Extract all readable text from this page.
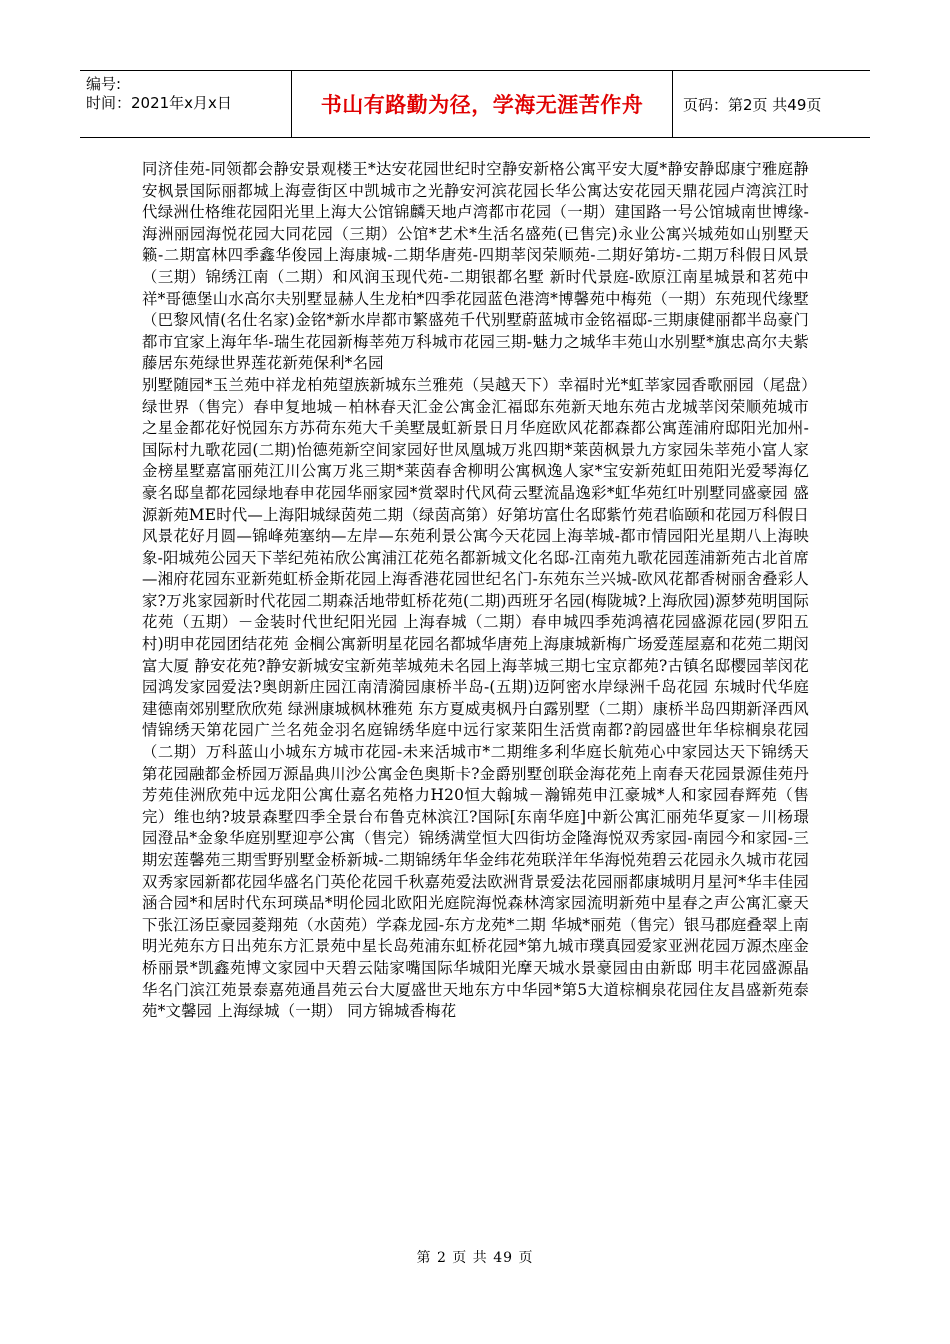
编号:
时间：2021年x月x日	书山有路勤为径，学海无涯苦作舟	页码：第2页 共49页

同济佳苑-同领都会静安景观楼王*达安花园世纪时空静安新格公寓平安大厦*静安静邸康宁雅庭静安枫景国际丽都城上海壹街区中凯城市之光静安河滨花园长华公寓达安花园天鼎花园卢湾滨江时代绿洲仕格维花园阳光里上海大公馆锦麟天地卢湾都市花园（一期）建国路一号公馆城南世博缘-海洲丽园海悦花园大同花园（三期）公馆*艺术*生活名盛苑(已售完)永业公寓兴城苑如山别墅天籁-二期富林四季鑫华俊园上海康城-二期华唐苑-四期莘闵荣顺苑-二期好第坊-二期万科假日风景（三期）锦绣江南（二期）和风润玉现代苑-二期银都名墅 新时代景庭-欧原江南星城景和茗苑中祥*哥德堡山水高尔夫别墅显赫人生龙柏*四季花园蓝色港湾*博馨苑中梅苑（一期）东苑现代缘墅（巴黎风情(名仕名家)金铭*新水岸都市繁盛苑千代别墅蔚蓝城市金铭福邸-三期康健丽都半岛豪门都市宜家上海年华-瑞生花园新梅莘苑万科城市花园三期-魅力之城华丰苑山水别墅*旗忠高尔夫紫藤居东苑绿世界莲花新苑保利*名园

别墅随园*玉兰苑中祥龙柏苑望族新城东兰雅苑（吴越天下）幸福时光*虹莘家园香歌丽园（尾盘）绿世界（售完）春申复地城－柏林春天汇金公寓金汇福邸东苑新天地东苑古龙城莘闵荣顺苑城市之星金都花好悦园东方苏荷东苑大千美墅晟虹新景日月华庭欧风花都森都公寓莲浦府邸阳光加州-国际村九歌花园(二期)怡德苑新空间家园好世凤凰城万兆四期*莱茵枫景九方家园朱莘苑小富人家金榜星墅嘉富丽苑江川公寓万兆三期*莱茵春舍柳明公寓枫逸人家*宝安新苑虹田苑阳光爱琴海亿豪名邸皇都花园绿地春申花园华丽家园*赏翠时代风荷云墅流晶逸彩*虹华苑红叶别墅同盛豪园 盛源新苑ME时代—上海阳城绿茵苑二期（绿茵高第）好第坊富仕名邸紫竹苑君临颐和花园万科假日风景花好月圆—锦峰苑塞纳—左岸—东苑利景公寓今天花园上海莘城-都市情园阳光星期八上海映象-阳城苑公园天下莘纪苑祐欣公寓浦江花苑名都新城文化名邸-江南苑九歌花园莲浦新苑古北首席—湘府花园东亚新苑虹桥金斯花园上海香港花园世纪名门-东苑东兰兴城-欧风花都香树丽舍叠彩人家?万兆家园新时代花园二期森活地带虹桥花苑(二期)西班牙名园(梅陇城?上海欣园)源梦苑明国际花苑（五期）－金装时代世纪阳光园 上海春城（二期）春申城四季苑鸿禧花园盛源花园(罗阳五村)明申花园团结花苑 金榈公寓新明星花园名都城华唐苑上海康城新梅广场爱莲屋嘉和花苑二期闵富大厦 静安花苑?静安新城安宝新苑莘城苑未名园上海莘城三期七宝京都苑?古镇名邸樱园莘闵花园鸿发家园爱法?奥朗新庄园江南清漪园康桥半岛-(五期)迈阿密水岸绿洲千岛花园 东城时代华庭建德南郊别墅欣欣苑 绿洲康城枫林雅苑 东方夏威夷枫丹白露别墅（二期）康桥半岛四期新泽西风情锦绣天第花园广兰名苑金羽名庭锦绣华庭中远行家莱阳生活赏南都?韵园盛世年华棕榈泉花园（二期）万科蓝山小城东方城市花园-未来活城市*二期维多利华庭长航苑心中家园达天下锦绣天第花园融都金桥园万源晶典川沙公寓金色奥斯卡?金爵别墅创联金海花苑上南春天花园景源佳苑丹芳苑佳洲欣苑中远龙阳公寓仕嘉名苑格力H20恒大翰城－瀚锦苑申江豪城*人和家园春辉苑（售完）维也纳?坡景森墅四季全景台布鲁克林滨江?国际[东南华庭]中新公寓汇丽苑华夏家－川杨璟园澄品*金象华庭别墅迎亭公寓（售完）锦绣满堂恒大四街坊金隆海悦双秀家园-南园今和家园-三期宏莲馨苑三期雪野别墅金桥新城-二期锦绣年华金纬花苑联洋年华海悦苑碧云花园永久城市花园双秀家园新都花园华盛名门英伦花园千秋嘉苑爱法欧洲背景爱法花园丽都康城明月星河*华丰佳园 涵合园*和居时代东珂瑛品*明伦园北欧阳光庭院海悦森林湾家园流明新苑中星春之声公寓汇豪天下张江汤臣豪园菱翔苑（水茵苑）学森龙园-东方龙苑*二期 华城*丽苑（售完）银马郡庭叠翠上南明光苑东方日出苑东方汇景苑中星长岛苑浦东虹桥花园*第九城市璞真园爱家亚洲花园万源杰座金桥丽景*凯鑫苑博文家园中天碧云陆家嘴国际华城阳光摩天城水景豪园由由新邸 明丰花园盛源晶华名门滨江苑景泰嘉苑通昌苑云台大厦盛世天地东方中华园*第5大道棕榈泉花园住友昌盛新苑泰苑*文馨园 上海绿城（一期） 同方锦城香梅花

第 2 页 共 49 页
